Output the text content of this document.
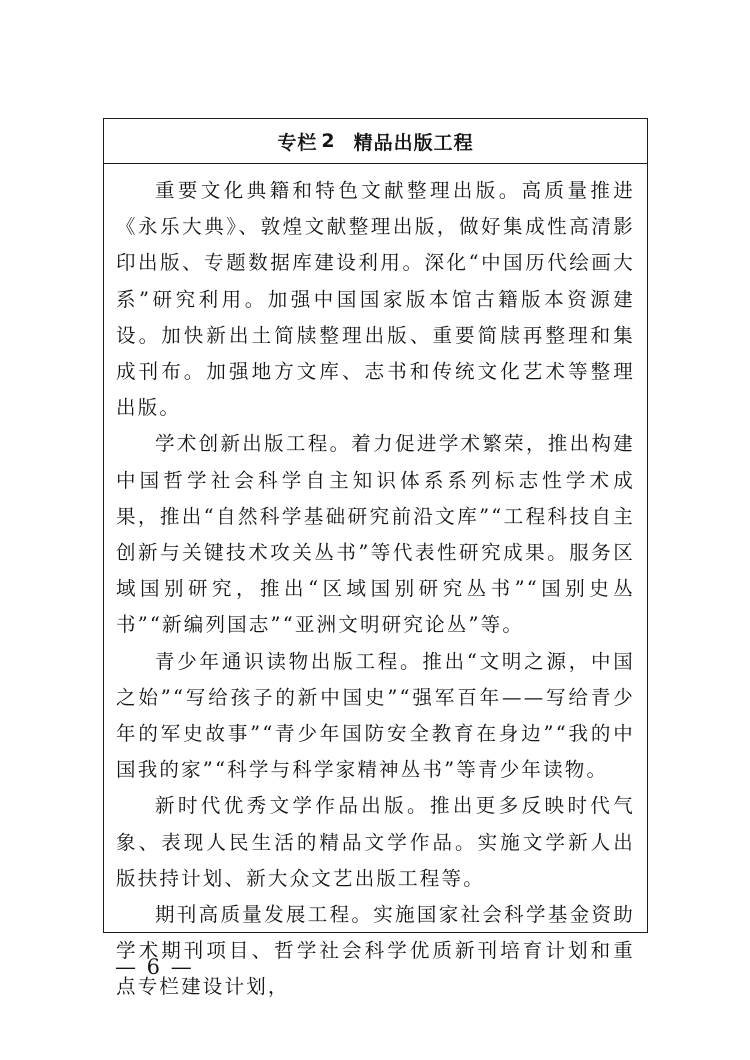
专栏 2 精品出版工程

重要文化典籍和特色文献整理出版。高质量推进《永乐大典》、敦煌文献整理出版，做好集成性高清影印出版、专题数据库建设利用。深化“中国历代绘画大系”研究利用。加强中国国家版本馆古籍版本资源建设。加快新出土简牍整理出版、重要简牍再整理和集成刊布。加强地方文库、志书和传统文化艺术等整理出版。

学术创新出版工程。着力促进学术繁荣，推出构建中国哲学社会科学自主知识体系系列标志性学术成果，推出“自然科学基础研究前沿文库”“工程科技自主创新与关键技术攻关丛书”等代表性研究成果。服务区域国别研究，推出“区域国别研究丛书”“国别史丛书”“新编列国志”“亚洲文明研究论丛”等。

青少年通识读物出版工程。推出“文明之源，中国之始”“写给孩子的新中国史”“强军百年——写给青少年的军史故事”“青少年国防安全教育在身边”“我的中国我的家”“科学与科学家精神丛书”等青少年读物。

新时代优秀文学作品出版。推出更多反映时代气象、表现人民生活的精品文学作品。实施文学新人出版扶持计划、新大众文艺出版工程等。

期刊高质量发展工程。实施国家社会科学基金资助学术期刊项目、哲学社会科学优质新刊培育计划和重点专栏建设计划，

— 6 —
